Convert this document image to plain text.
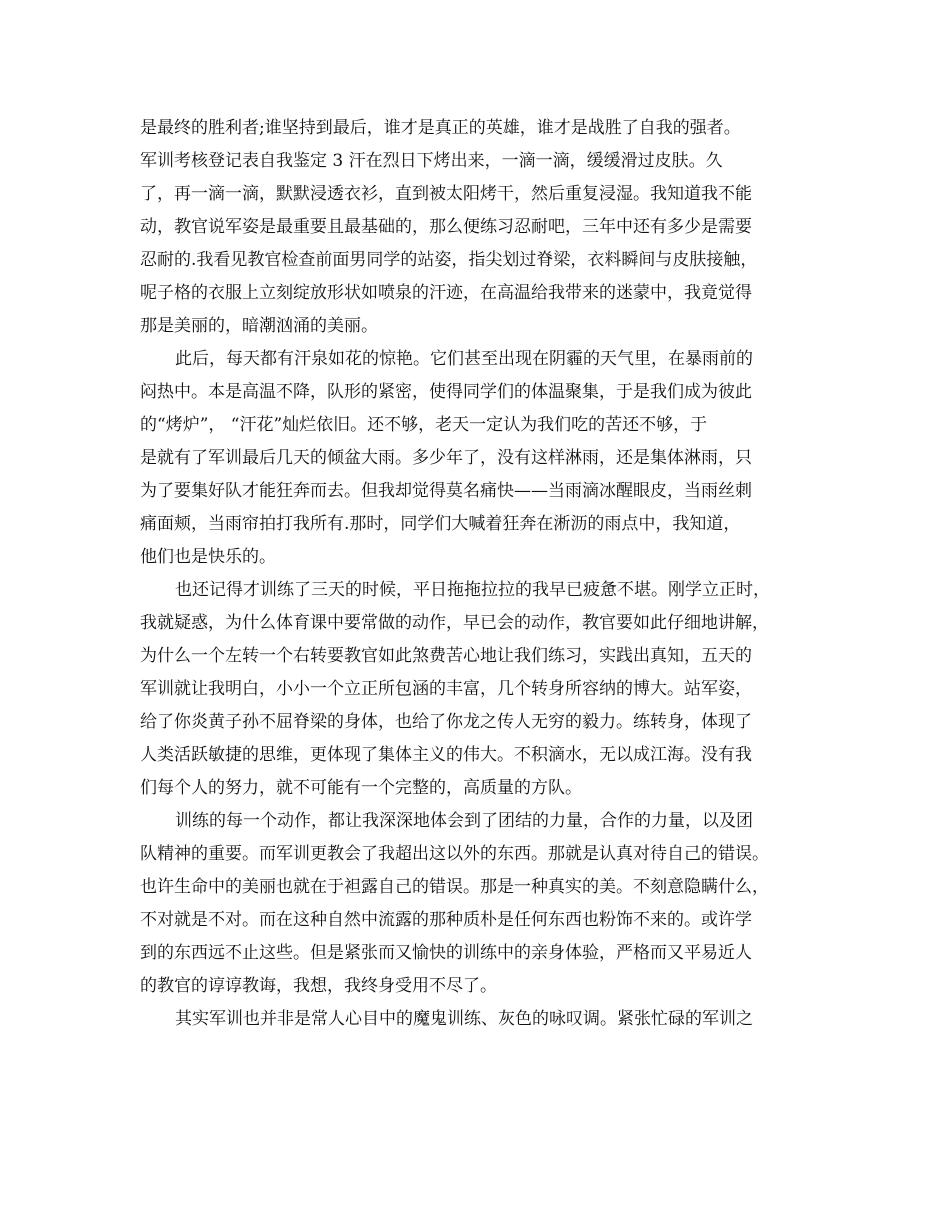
是最终的胜利者;谁坚持到最后，谁才是真正的英雄，谁才是战胜了自我的强者。
军训考核登记表自我鉴定 3 汗在烈日下烤出来，一滴一滴，缓缓滑过皮肤。久
了，再一滴一滴，默默浸透衣衫，直到被太阳烤干，然后重复浸湿。我知道我不能
动，教官说军姿是最重要且最基础的，那么便练习忍耐吧，三年中还有多少是需要
忍耐的.我看见教官检查前面男同学的站姿，指尖划过脊梁，衣料瞬间与皮肤接触，
呢子格的衣服上立刻绽放形状如喷泉的汗迹，在高温给我带来的迷蒙中，我竟觉得
那是美丽的，暗潮汹涌的美丽。
此后，每天都有汗泉如花的惊艳。它们甚至出现在阴霾的天气里，在暴雨前的
闷热中。本是高温不降，队形的紧密，使得同学们的体温聚集，于是我们成为彼此
的“烤炉”， “汗花”灿烂依旧。还不够，老天一定认为我们吃的苦还不够，于
是就有了军训最后几天的倾盆大雨。多少年了，没有这样淋雨，还是集体淋雨，只
为了要集好队才能狂奔而去。但我却觉得莫名痛快——当雨滴冰醒眼皮，当雨丝刺
痛面颊，当雨帘拍打我所有.那时，同学们大喊着狂奔在淅沥的雨点中，我知道，
他们也是快乐的。
也还记得才训练了三天的时候，平日拖拖拉拉的我早已疲惫不堪。刚学立正时，
我就疑惑，为什么体育课中要常做的动作，早已会的动作，教官要如此仔细地讲解，
为什么一个左转一个右转要教官如此煞费苦心地让我们练习，实践出真知，五天的
军训就让我明白，小小一个立正所包涵的丰富，几个转身所容纳的博大。站军姿，
给了你炎黄子孙不屈脊梁的身体，也给了你龙之传人无穷的毅力。练转身，体现了
人类活跃敏捷的思维，更体现了集体主义的伟大。不积滴水，无以成江海。没有我
们每个人的努力，就不可能有一个完整的，高质量的方队。
训练的每一个动作，都让我深深地体会到了团结的力量，合作的力量，以及团
队精神的重要。而军训更教会了我超出这以外的东西。那就是认真对待自己的错误。
也许生命中的美丽也就在于袒露自己的错误。那是一种真实的美。不刻意隐瞒什么，
不对就是不对。而在这种自然中流露的那种质朴是任何东西也粉饰不来的。或许学
到的东西远不止这些。但是紧张而又愉快的训练中的亲身体验，严格而又平易近人
的教官的谆谆教诲，我想，我终身受用不尽了。
其实军训也并非是常人心目中的魔鬼训练、灰色的咏叹调。紧张忙碌的军训之
